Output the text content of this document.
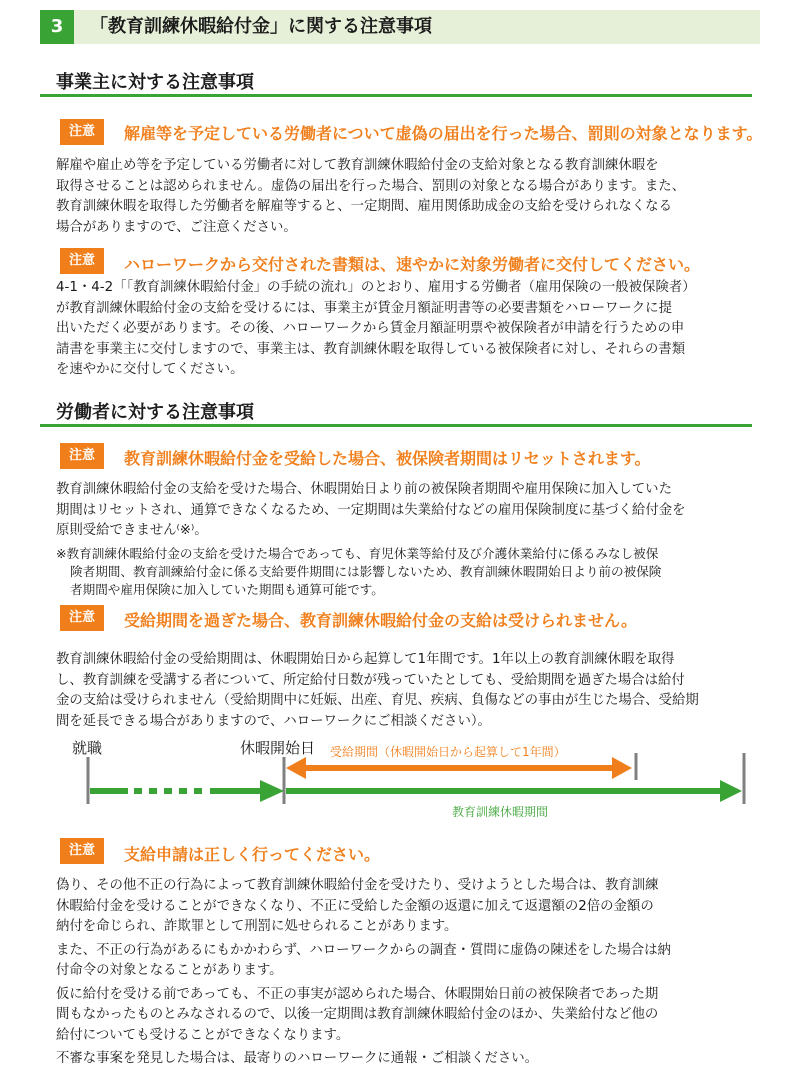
3	「教育訓練休暇給付金」に関する注意事項
事業主に対する注意事項
注意	解雇等を予定している労働者について虚偽の届出を行った場合、罰則の対象となります。
解雇や雇止め等を予定している労働者に対して教育訓練休暇給付金の支給対象となる教育訓練休暇を
取得させることは認められません。虚偽の届出を行った場合、罰則の対象となる場合があります。また、
教育訓練休暇を取得した労働者を解雇等すると、一定期間、雇用関係助成金の支給を受けられなくなる
場合がありますので、ご注意ください。
注意	ハローワークから交付された書類は、速やかに対象労働者に交付してください。
4-1・4-2「「教育訓練休暇給付金」の手続の流れ」のとおり、雇用する労働者（雇用保険の一般被保険者）
が教育訓練休暇給付金の支給を受けるには、事業主が賃金月額証明書等の必要書類をハローワークに提
出いただく必要があります。その後、ハローワークから賃金月額証明票や被保険者が申請を行うための申
請書を事業主に交付しますので、事業主は、教育訓練休暇を取得している被保険者に対し、それらの書類
を速やかに交付してください。
労働者に対する注意事項
注意	教育訓練休暇給付金を受給した場合、被保険者期間はリセットされます。
教育訓練休暇給付金の支給を受けた場合、休暇開始日より前の被保険者期間や雇用保険に加入していた
期間はリセットされ、通算できなくなるため、一定期間は失業給付などの雇用保険制度に基づく給付金を
原則受給できません⁽※⁾。
※教育訓練休暇給付金の支給を受けた場合であっても、育児休業等給付及び介護休業給付に係るみなし被保
険者期間、教育訓練給付金に係る支給要件期間には影響しないため、教育訓練休暇開始日より前の被保険
者期間や雇用保険に加入していた期間も通算可能です。
注意	受給期間を過ぎた場合、教育訓練休暇給付金の支給は受けられません。
教育訓練休暇給付金の受給期間は、休暇開始日から起算して1年間です。1年以上の教育訓練休暇を取得
し、教育訓練を受講する者について、所定給付日数が残っていたとしても、受給期間を過ぎた場合は給付
金の支給は受けられません（受給期間中に妊娠、出産、育児、疾病、負傷などの事由が生じた場合、受給期
間を延長できる場合がありますので、ハローワークにご相談ください）。
就職	休暇開始日 受給期間（休暇開始日から起算して1年間）
教育訓練休暇期間
注意	支給申請は正しく行ってください。
偽り、その他不正の行為によって教育訓練休暇給付金を受けたり、受けようとした場合は、教育訓練
休暇給付金を受けることができなくなり、不正に受給した金額の返還に加えて返還額の2倍の金額の
納付を命じられ、詐欺罪として刑罰に処せられることがあります。
また、不正の行為があるにもかかわらず、ハローワークからの調査・質問に虚偽の陳述をした場合は納
付命令の対象となることがあります。
仮に給付を受ける前であっても、不正の事実が認められた場合、休暇開始日前の被保険者であった期
間もなかったものとみなされるので、以後一定期間は教育訓練休暇給付金のほか、失業給付など他の
給付についても受けることができなくなります。
不審な事案を発見した場合は、最寄りのハローワークに通報・ご相談ください。
